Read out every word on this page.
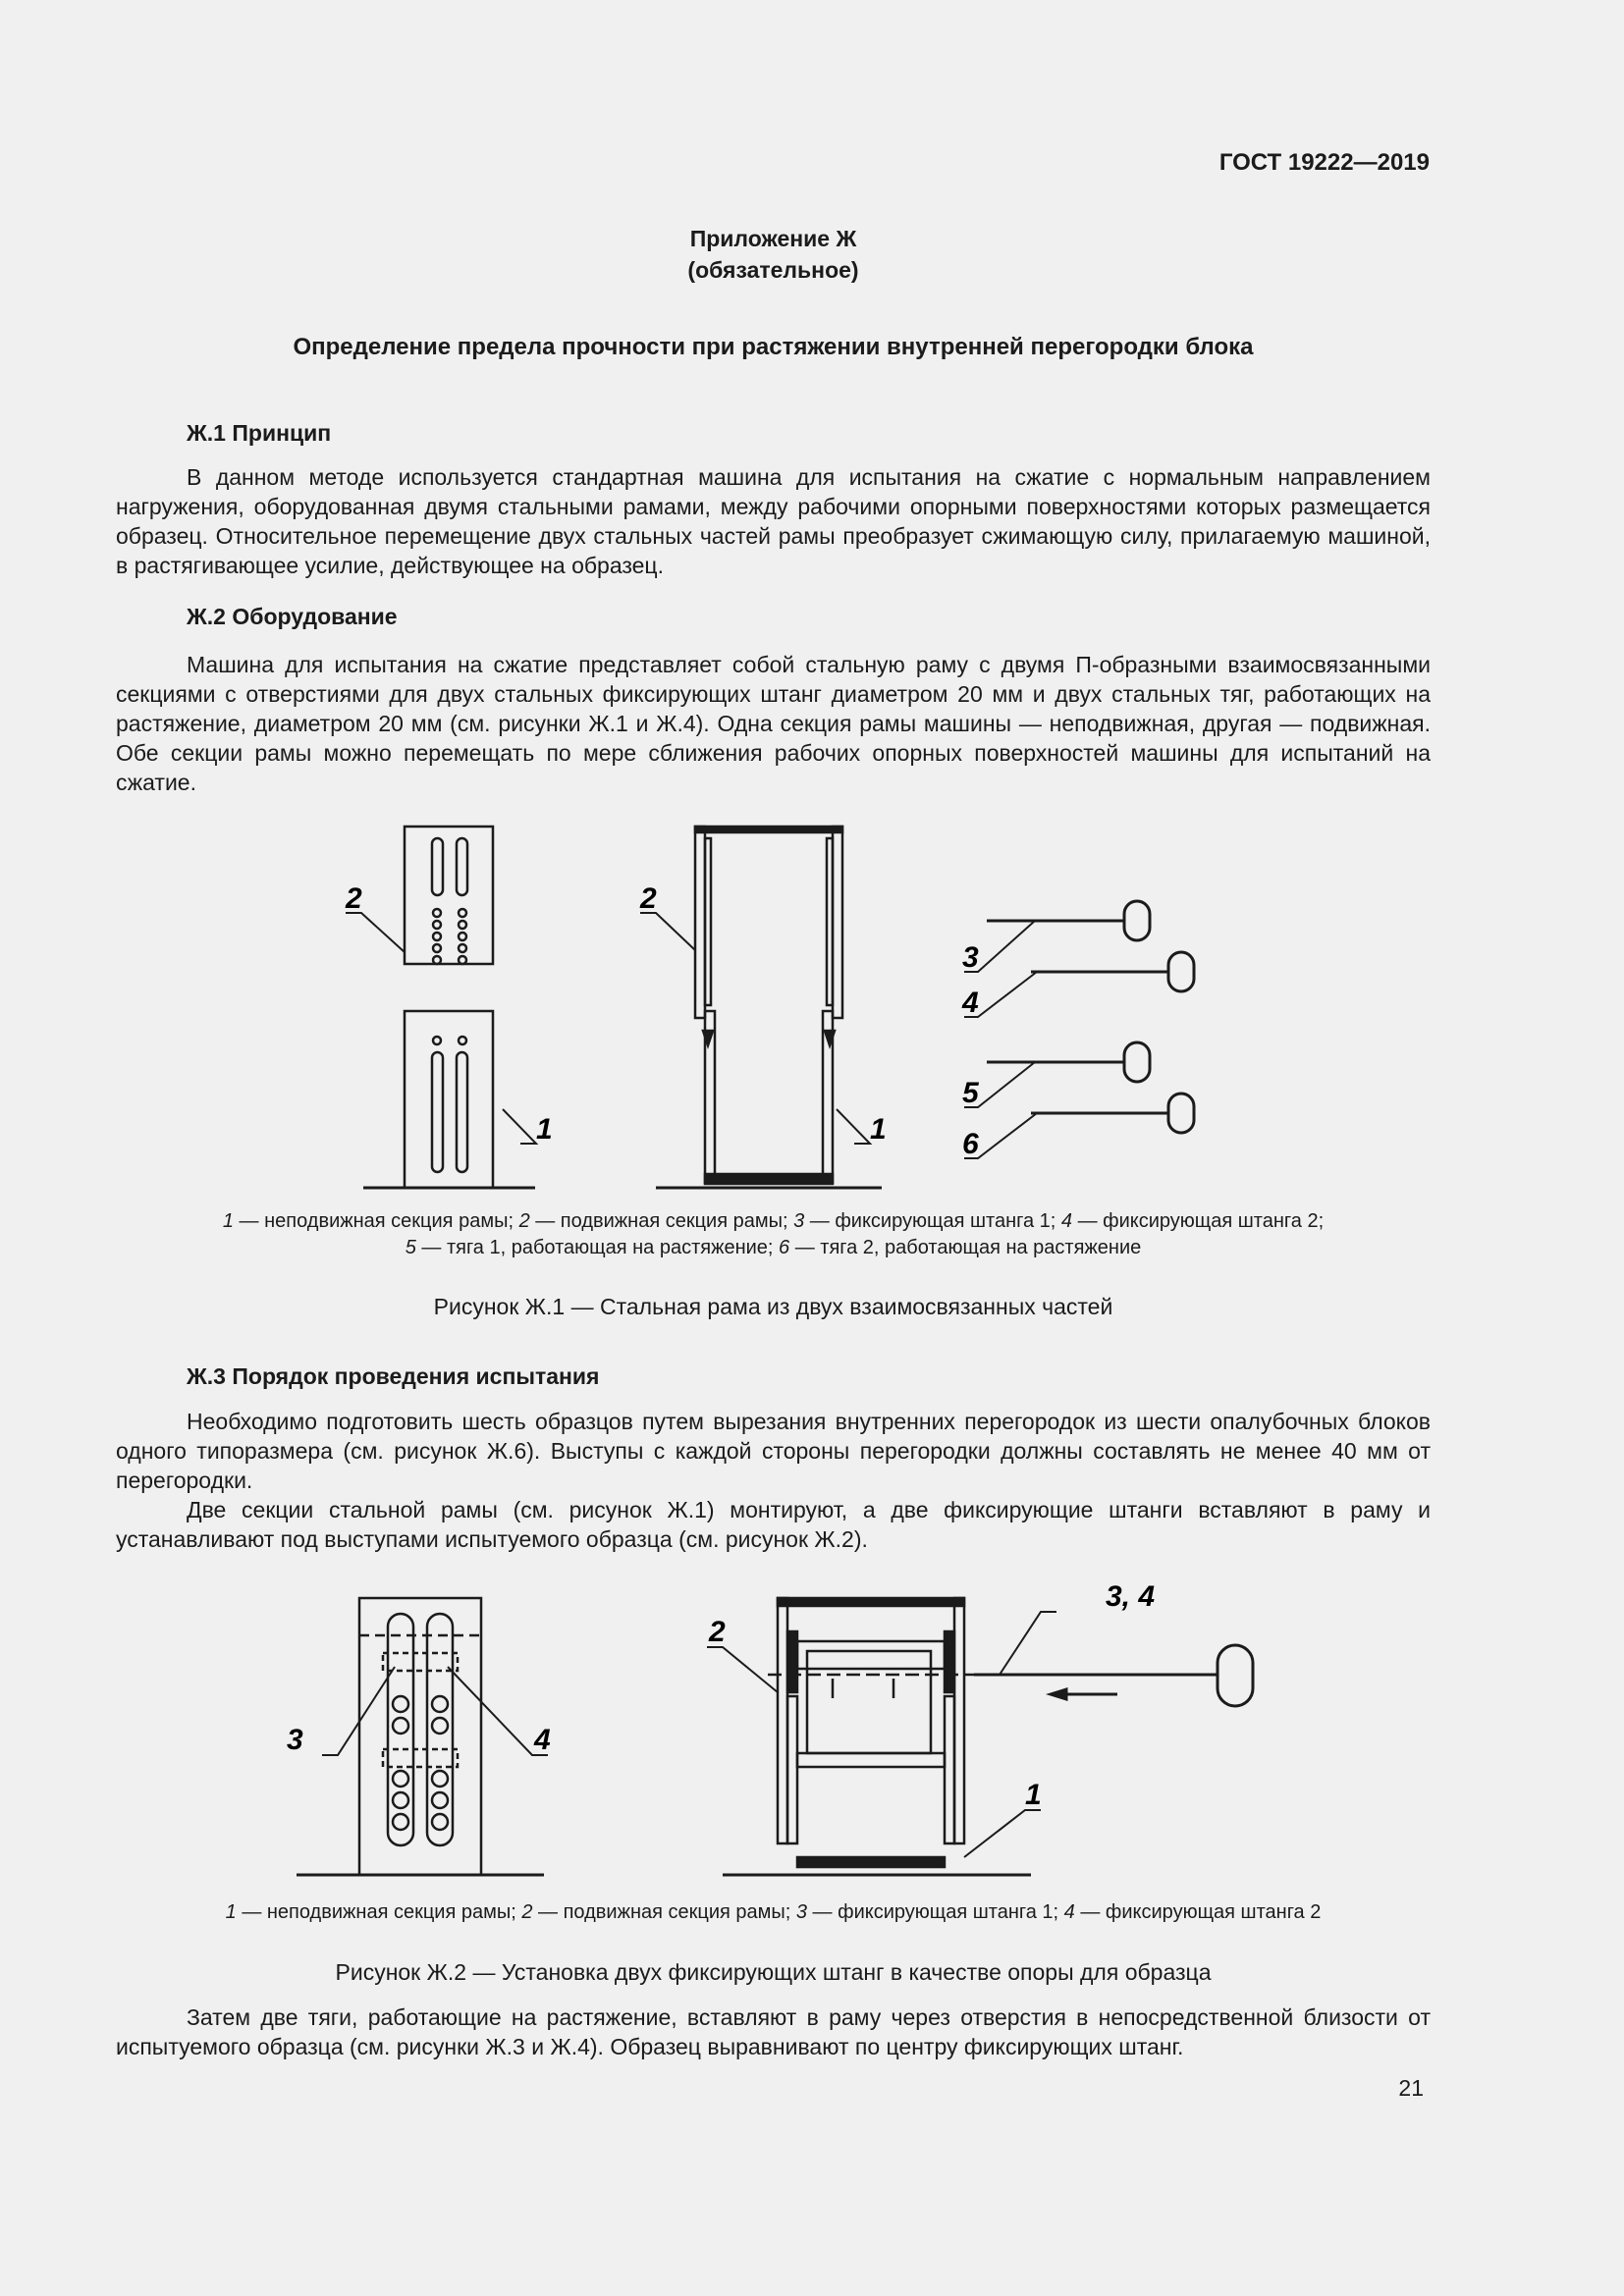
ГОСТ 19222—2019
Приложение Ж
(обязательное)
Определение предела прочности при растяжении внутренней перегородки блока
Ж.1 Принцип

В данном методе используется стандартная машина для испытания на сжатие с нормальным направлением нагружения, оборудованная двумя стальными рамами, между рабочими опорными поверхностями которых размещается образец. Относительное перемещение двух стальных частей рамы преобразует сжимающую силу, прилагаемую машиной, в растягивающее усилие, действующее на образец.

Ж.2 Оборудование

Машина для испытания на сжатие представляет собой стальную раму с двумя П-образными взаимосвязанными секциями с отверстиями для двух стальных фиксирующих штанг диаметром 20 мм и двух стальных тяг, работающих на растяжение, диаметром 20 мм (см. рисунки Ж.1 и Ж.4). Одна секция рамы машины — неподвижная, другая — подвижная. Обе секции рамы можно перемещать по мере сближения рабочих опорных поверхностей машины для испытаний на сжатие.

2	2
1	1
3
4
5
6
1 — неподвижная секция рамы; 2 — подвижная секция рамы; 3 — фиксирующая штанга 1; 4 — фиксирующая штанга 2;
5 — тяга 1, работающая на растяжение; 6 — тяга 2, работающая на растяжение
Рисунок Ж.1 — Стальная рама из двух взаимосвязанных частей
Ж.3 Порядок проведения испытания

Необходимо подготовить шесть образцов путем вырезания внутренних перегородок из шести опалубочных блоков одного типоразмера (см. рисунок Ж.6). Выступы с каждой стороны перегородки должны составлять не менее 40 мм от перегородки.

Две секции стальной рамы (см. рисунок Ж.1) монтируют, а две фиксирующие штанги вставляют в раму и устанавливают под выступами испытуемого образца (см. рисунок Ж.2).

3	4
2
3, 4
1
1 — неподвижная секция рамы; 2 — подвижная секция рамы; 3 — фиксирующая штанга 1; 4 — фиксирующая штанга 2
Рисунок Ж.2 — Установка двух фиксирующих штанг в качестве опоры для образца

Затем две тяги, работающие на растяжение, вставляют в раму через отверстия в непосредственной близости от испытуемого образца (см. рисунки Ж.3 и Ж.4). Образец выравнивают по центру фиксирующих штанг.

21
